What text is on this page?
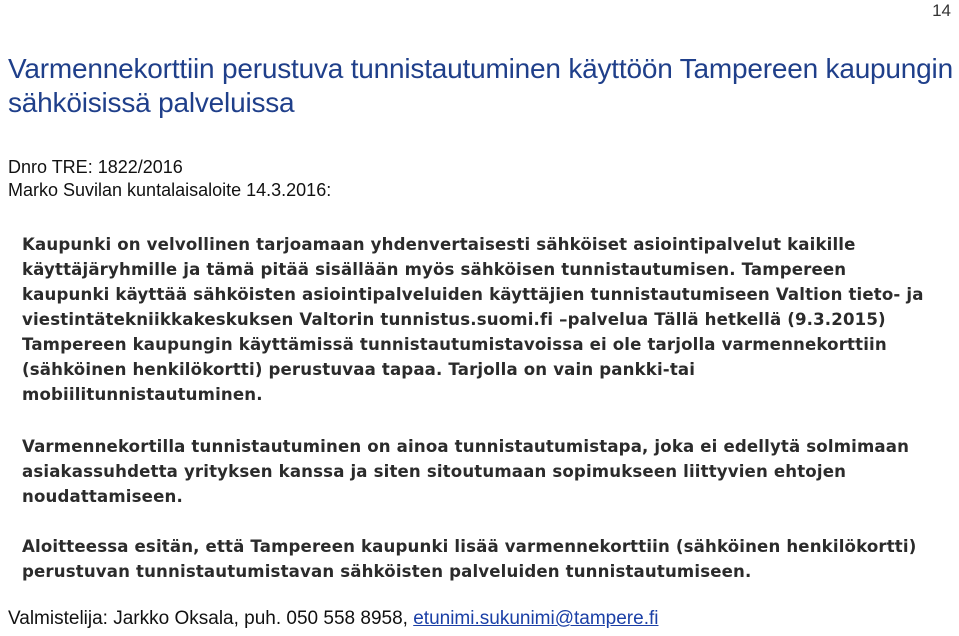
14
Varmennekorttiin perustuva tunnistautuminen käyttöön Tampereen kaupungin sähköisissä palveluissa
Dnro TRE: 1822/2016
Marko Suvilan kuntalaisaloite 14.3.2016:

Kaupunki on velvollinen tarjoamaan yhdenvertaisesti sähköiset asiointipalvelut kaikille käyttäjäryhmille ja tämä pitää sisällään myös sähköisen tunnistautumisen. Tampereen kaupunki käyttää sähköisten asiointipalveluiden käyttäjien tunnistautumiseen Valtion tieto- ja viestintätekniikkakeskuksen Valtorin tunnistus.suomi.fi –palvelua Tällä hetkellä (9.3.2015) Tampereen kaupungin käyttämissä tunnistautumistavoissa ei ole tarjolla varmennekorttiin (sähköinen henkilökortti) perustuvaa tapaa. Tarjolla on vain pankki-tai mobiilitunnistautuminen.

Varmennekortilla tunnistautuminen on ainoa tunnistautumistapa, joka ei edellytä solmimaan asiakassuhdetta yrityksen kanssa ja siten sitoutumaan sopimukseen liittyvien ehtojen noudattamiseen.

Aloitteessa esitän, että Tampereen kaupunki lisää varmennekorttiin (sähköinen henkilökortti) perustuvan tunnistautumistavan sähköisten palveluiden tunnistautumiseen.

Valmistelija: Jarkko Oksala, puh. 050 558 8958, etunimi.sukunimi@tampere.fi
